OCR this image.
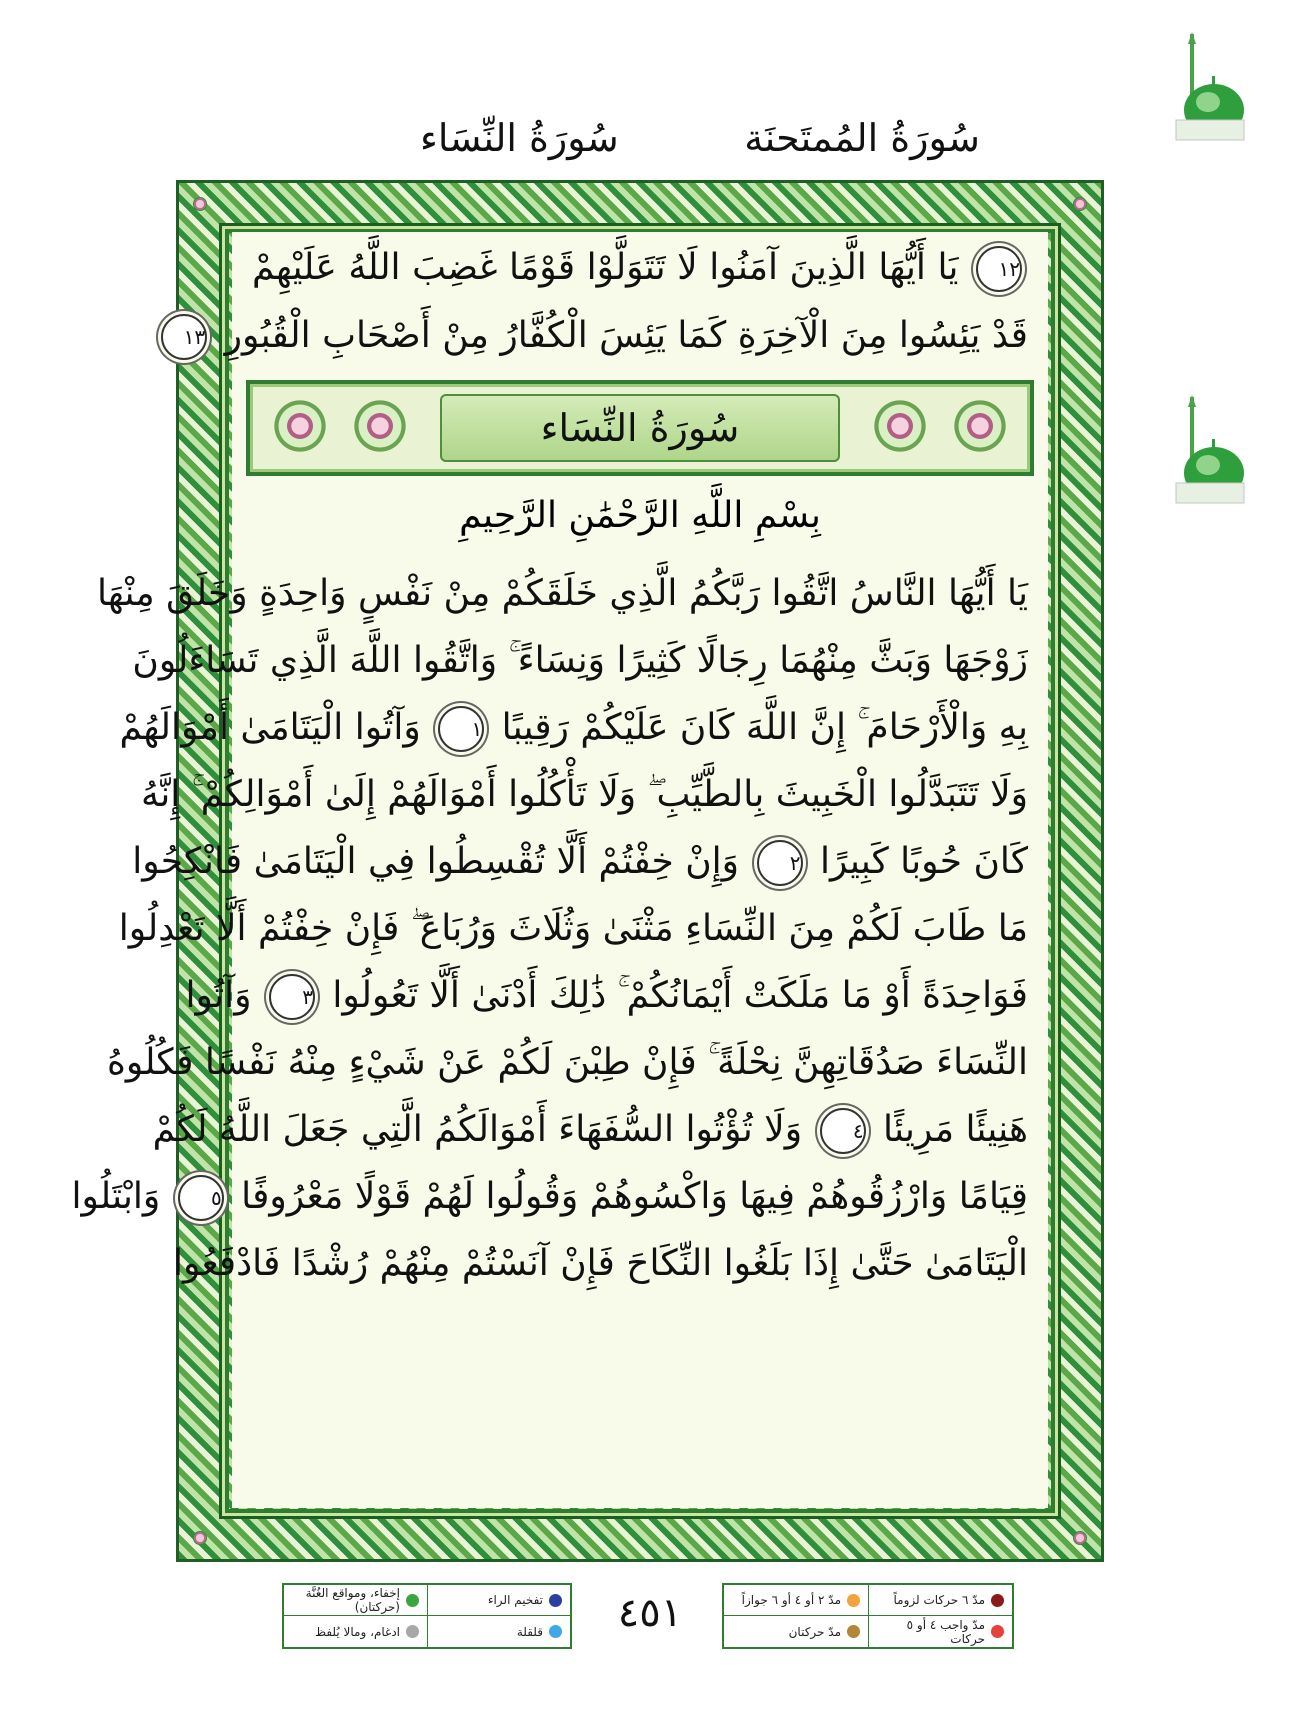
سُورَةُ المُمتَحنَة
سُورَةُ النِّسَاء
١٢ يَا أَيُّهَا الَّذِينَ آمَنُوا لَا تَتَوَلَّوْا قَوْمًا غَضِبَ اللَّهُ عَلَيْهِمْ
قَدْ يَئِسُوا مِنَ الْآخِرَةِ كَمَا يَئِسَ الْكُفَّارُ مِنْ أَصْحَابِ الْقُبُورِ ١٣
سُورَةُ النِّسَاء
بِسْمِ اللَّهِ الرَّحْمَٰنِ الرَّحِيمِ
يَا أَيُّهَا النَّاسُ اتَّقُوا رَبَّكُمُ الَّذِي خَلَقَكُمْ مِنْ نَفْسٍ وَاحِدَةٍ وَخَلَقَ مِنْهَا
زَوْجَهَا وَبَثَّ مِنْهُمَا رِجَالًا كَثِيرًا وَنِسَاءً ۚ وَاتَّقُوا اللَّهَ الَّذِي تَسَاءَلُونَ
بِهِ وَالْأَرْحَامَ ۚ إِنَّ اللَّهَ كَانَ عَلَيْكُمْ رَقِيبًا ١ وَآتُوا الْيَتَامَىٰ أَمْوَالَهُمْ
وَلَا تَتَبَدَّلُوا الْخَبِيثَ بِالطَّيِّبِ ۖ وَلَا تَأْكُلُوا أَمْوَالَهُمْ إِلَىٰ أَمْوَالِكُمْ ۚ إِنَّهُ
كَانَ حُوبًا كَبِيرًا ٢ وَإِنْ خِفْتُمْ أَلَّا تُقْسِطُوا فِي الْيَتَامَىٰ فَانْكِحُوا
مَا طَابَ لَكُمْ مِنَ النِّسَاءِ مَثْنَىٰ وَثُلَاثَ وَرُبَاعَ ۖ فَإِنْ خِفْتُمْ أَلَّا تَعْدِلُوا
فَوَاحِدَةً أَوْ مَا مَلَكَتْ أَيْمَانُكُمْ ۚ ذَٰلِكَ أَدْنَىٰ أَلَّا تَعُولُوا ٣ وَآتُوا
النِّسَاءَ صَدُقَاتِهِنَّ نِحْلَةً ۚ فَإِنْ طِبْنَ لَكُمْ عَنْ شَيْءٍ مِنْهُ نَفْسًا فَكُلُوهُ
هَنِيئًا مَرِيئًا ٤ وَلَا تُؤْتُوا السُّفَهَاءَ أَمْوَالَكُمُ الَّتِي جَعَلَ اللَّهُ لَكُمْ
قِيَامًا وَارْزُقُوهُمْ فِيهَا وَاكْسُوهُمْ وَقُولُوا لَهُمْ قَوْلًا مَعْرُوفًا ٥ وَابْتَلُوا
الْيَتَامَىٰ حَتَّىٰ إِذَا بَلَغُوا النِّكَاحَ فَإِنْ آنَسْتُمْ مِنْهُمْ رُشْدًا فَادْفَعُوا
تفخيم الراء
إخفاء، ومواقع الغُنَّة (حركتان)
قلقلة
ادغام، ومالا يُلفظ	٤٥١	مدّ ٦ حركات لزوماً
مدّ ٢ أو ٤ أو ٦ جوازاً
مدّ واجب ٤ أو ٥ حركات
مدّ حركتان
